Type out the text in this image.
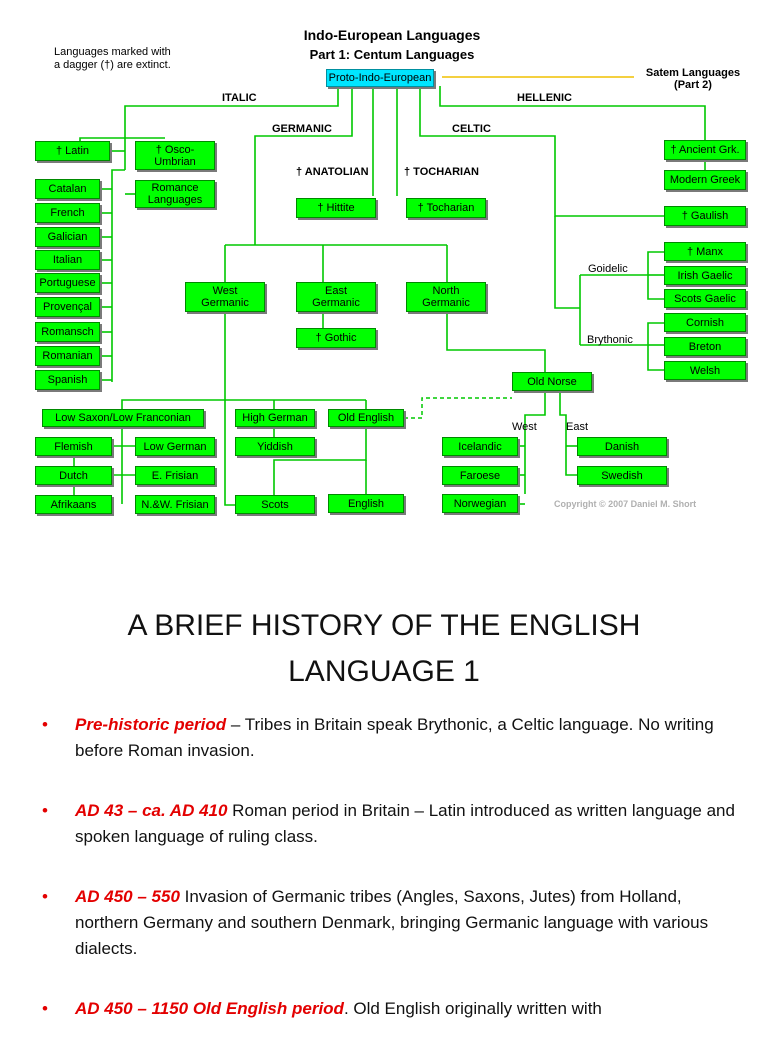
Indo-European Languages
Part 1: Centum Languages
Languages marked with
a dagger (†) are extinct.
Satem Languages
(Part 2)
ITALIC	HELLENIC
GERMANIC	CELTIC
† ANATOLIAN	† TOCHARIAN
Goidelic
Brythonic
West	East
Proto-Indo-European
† Latin	† Osco-
Umbrian
Romance
Languages
Catalan
French
Galician
Italian
Portuguese
Provençal
Romansch
Romanian
Spanish
† Hittite	† Tocharian
West
Germanic
East
Germanic
North
Germanic
† Gothic
Old Norse
Low Saxon/Low Franconian	High German	Old English
Flemish	Low German
Dutch	E. Frisian
Afrikaans	N.&W. Frisian
Yiddish
Scots	English
Icelandic
Faroese
Norwegian
Danish
Swedish
† Ancient Grk.
Modern Greek
† Gaulish
† Manx
Irish Gaelic
Scots Gaelic
Cornish
Breton
Welsh
Copyright © 2007 Daniel M. Short
A BRIEF HISTORY OF THE ENGLISH
LANGUAGE 1
• Pre-historic period – Tribes in Britain speak Brythonic, a Celtic language. No writing before Roman invasion.
• AD 43 – ca. AD 410 Roman period in Britain – Latin introduced as written language and spoken language of ruling class.
• AD 450 – 550 Invasion of Germanic tribes (Angles, Saxons, Jutes) from Holland, northern Germany and southern Denmark, bringing Germanic language with various dialects.
• AD 450 – 1150 Old English period. Old English originally written with
